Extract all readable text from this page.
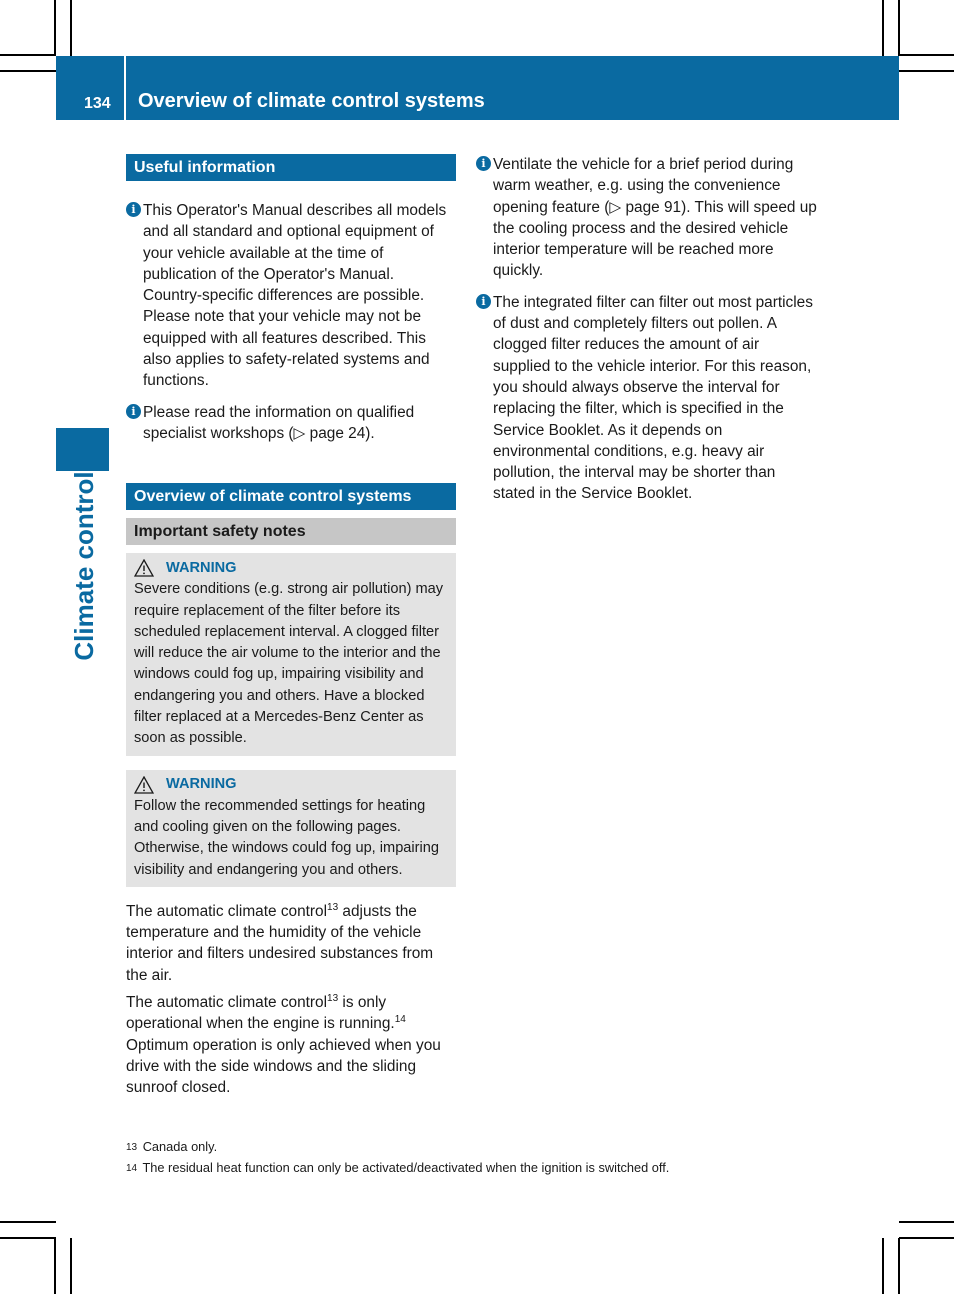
134 Overview of climate control systems
Climate control
Useful information
i This Operator's Manual describes all models and all standard and optional equipment of your vehicle available at the time of publication of the Operator's Manual. Country-specific differences are possible. Please note that your vehicle may not be equipped with all features described. This also applies to safety-related systems and functions.
i Please read the information on qualified specialist workshops (▷ page 24).
Overview of climate control systems
Important safety notes
WARNING
Severe conditions (e.g. strong air pollution) may require replacement of the filter before its scheduled replacement interval. A clogged filter will reduce the air volume to the interior and the windows could fog up, impairing visibility and endangering you and others. Have a blocked filter replaced at a Mercedes-Benz Center as soon as possible.
WARNING
Follow the recommended settings for heating and cooling given on the following pages. Otherwise, the windows could fog up, impairing visibility and endangering you and others.

The automatic climate control$^{13}$ adjusts the temperature and the humidity of the vehicle interior and filters undesired substances from the air.

The automatic climate control$^{13}$ is only operational when the engine is running.$^{14}$ Optimum operation is only achieved when you drive with the side windows and the sliding sunroof closed.

i Ventilate the vehicle for a brief period during warm weather, e.g. using the convenience opening feature (▷ page 91). This will speed up the cooling process and the desired vehicle interior temperature will be reached more quickly.
i The integrated filter can filter out most particles of dust and completely filters out pollen. A clogged filter reduces the amount of air supplied to the vehicle interior. For this reason, you should always observe the interval for replacing the filter, which is specified in the Service Booklet. As it depends on environmental conditions, e.g. heavy air pollution, the interval may be shorter than stated in the Service Booklet.
13 Canada only.
14 The residual heat function can only be activated/deactivated when the ignition is switched off.
